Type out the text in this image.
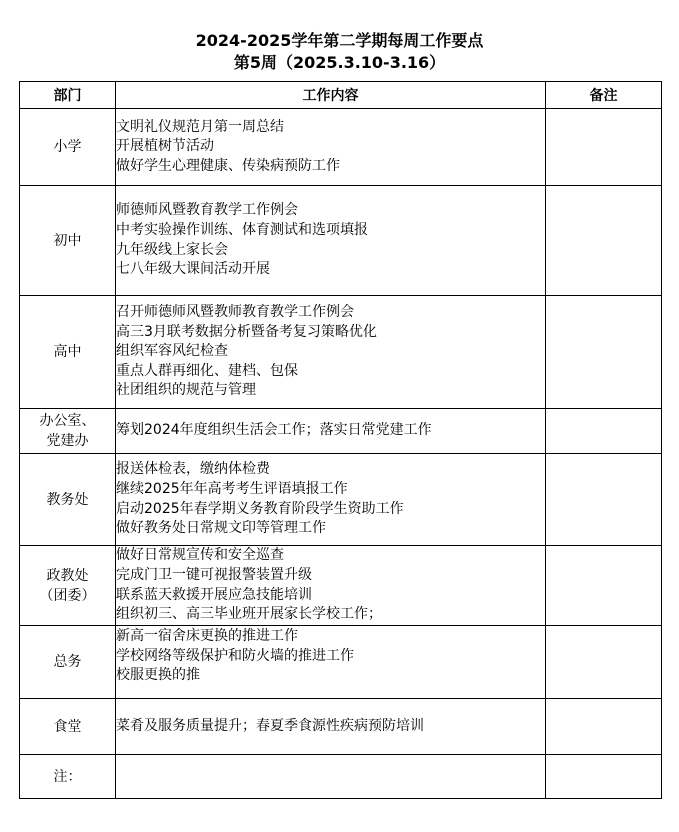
2024-2025学年第二学期每周工作要点
第5周（2025.3.10-3.16）
部门	工作内容	备注
小学	文明礼仪规范月第一周总结
开展植树节活动
做好学生心理健康、传染病预防工作	

初中	师德师风暨教育教学工作例会
中考实验操作训练、体育测试和选项填报
九年级线上家长会
七八年级大课间活动开展	

高中	召开师德师风暨教师教育教学工作例会
高三3月联考数据分析暨备考复习策略优化
组织军容风纪检查
重点人群再细化、建档、包保
社团组织的规范与管理	

办公室、
党建办	筹划2024年度组织生活会工作；落实日常党建工作	

教务处	报送体检表，缴纳体检费
继续2025年年高考考生评语填报工作
启动2025年春学期义务教育阶段学生资助工作
做好教务处日常规文印等管理工作	

政教处
（团委）	做好日常规宣传和安全巡查
完成门卫一键可视报警装置升级
联系蓝天救援开展应急技能培训
组织初三、高三毕业班开展家长学校工作；	

总务	新高一宿舍床更换的推进工作
学校网络等级保护和防火墙的推进工作
校服更换的推	

食堂	菜肴及服务质量提升；春夏季食源性疾病预防培训	

注：		
